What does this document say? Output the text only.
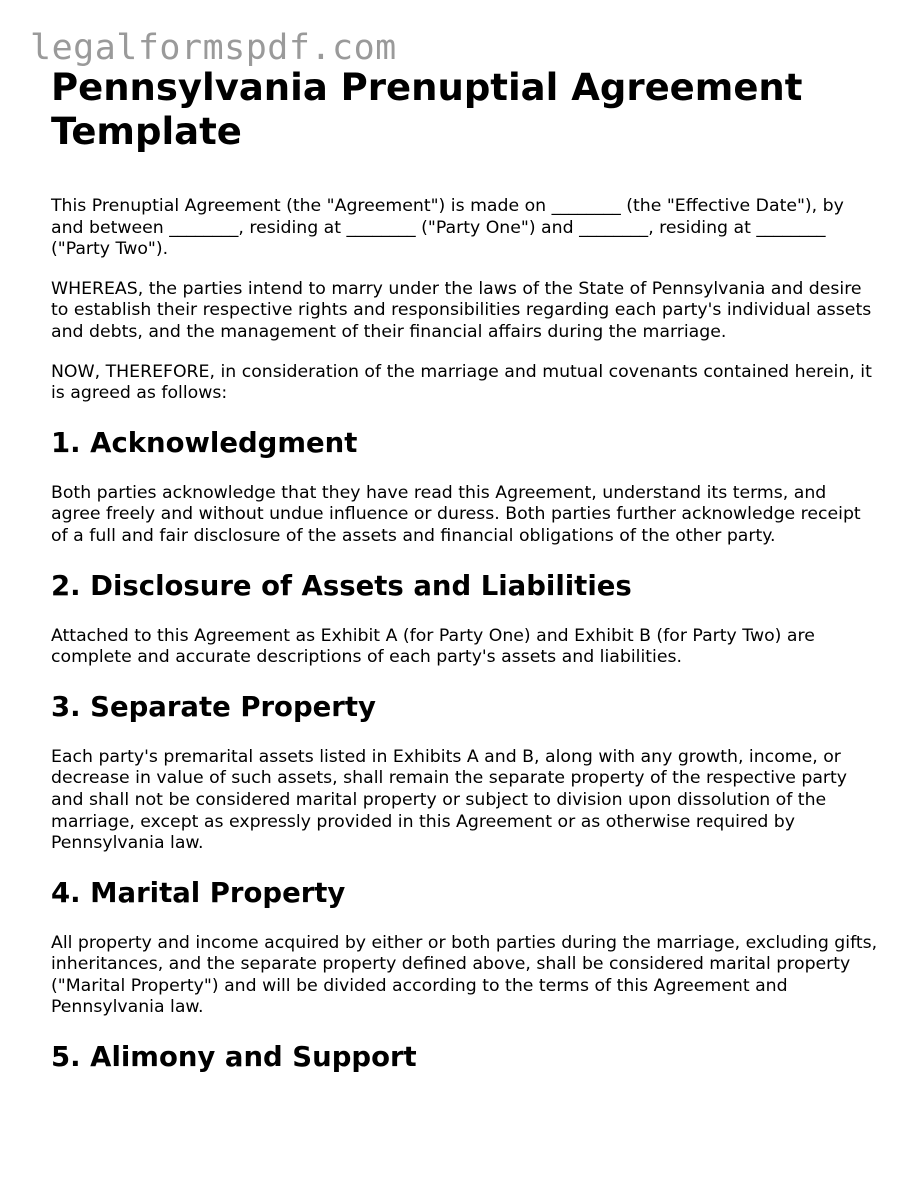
legalformspdf.com
Pennsylvania Prenuptial Agreement Template

This Prenuptial Agreement (the "Agreement") is made on ________ (the "Effective Date"), by and between ________, residing at ________ ("Party One") and ________, residing at ________ ("Party Two").

WHEREAS, the parties intend to marry under the laws of the State of Pennsylvania and desire to establish their respective rights and responsibilities regarding each party's individual assets and debts, and the management of their financial affairs during the marriage.

NOW, THEREFORE, in consideration of the marriage and mutual covenants contained herein, it is agreed as follows:

1. Acknowledgment

Both parties acknowledge that they have read this Agreement, understand its terms, and agree freely and without undue influence or duress. Both parties further acknowledge receipt of a full and fair disclosure of the assets and financial obligations of the other party.

2. Disclosure of Assets and Liabilities

Attached to this Agreement as Exhibit A (for Party One) and Exhibit B (for Party Two) are complete and accurate descriptions of each party's assets and liabilities.

3. Separate Property

Each party's premarital assets listed in Exhibits A and B, along with any growth, income, or decrease in value of such assets, shall remain the separate property of the respective party and shall not be considered marital property or subject to division upon dissolution of the marriage, except as expressly provided in this Agreement or as otherwise required by Pennsylvania law.

4. Marital Property

All property and income acquired by either or both parties during the marriage, excluding gifts, inheritances, and the separate property defined above, shall be considered marital property ("Marital Property") and will be divided according to the terms of this Agreement and Pennsylvania law.

5. Alimony and Support
